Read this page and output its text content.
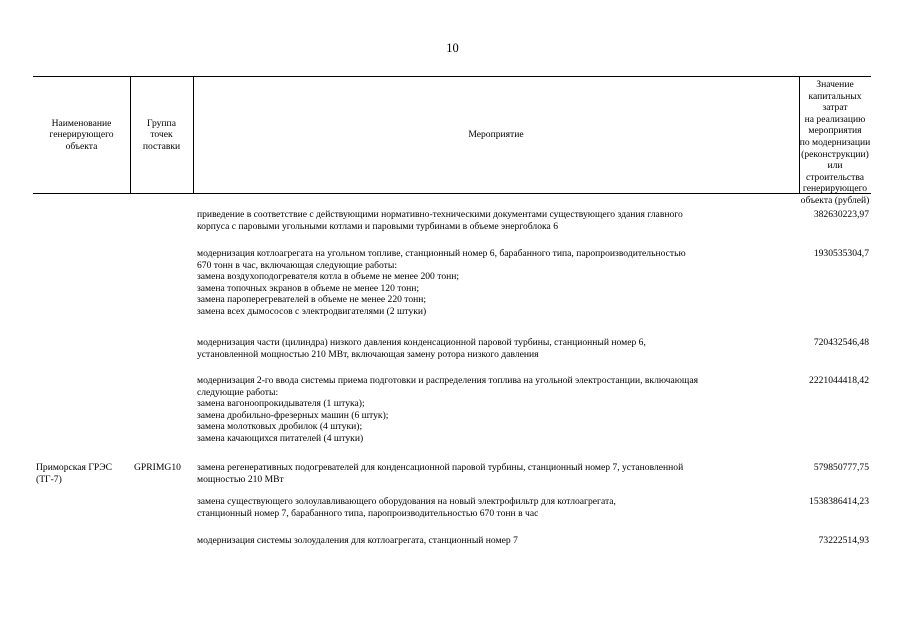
10
Наименование
генерирующего
объекта
Группа
точек
поставки
Мероприятие
Значение
капитальных затрат
на реализацию
мероприятия
по модернизации
(реконструкции)
или строительства
генерирующего
объекта (рублей)
приведение в соответствие с действующими нормативно-техническими документами существующего здания главного
корпуса с паровыми угольными котлами и паровыми турбинами в объеме энергоблока 6
382630223,97
модернизация котлоагрегата на угольном топливе, станционный номер 6, барабанного типа, паропроизводительностью
670 тонн в час, включающая следующие работы:
замена воздухоподогревателя котла в объеме не менее 200 тонн;
замена топочных экранов в объеме не менее 120 тонн;
замена пароперегревателей в объеме не менее 220 тонн;
замена всех дымососов с электродвигателями (2 штуки)
1930535304,7
модернизация части (цилиндра) низкого давления конденсационной паровой турбины, станционный номер 6,
установленной мощностью 210 МВт, включающая замену ротора низкого давления
720432546,48
модернизация 2-го ввода системы приема подготовки и распределения топлива на угольной электростанции, включающая
следующие работы:
замена вагоноопрокидывателя (1 штука);
замена дробильно-фрезерных машин (6 штук);
замена молотковых дробилок (4 штуки);
замена качающихся питателей (4 штуки)
2221044418,42
Приморская ГРЭС
(ТГ-7)
GPRIMG10	замена регенеративных подогревателей для конденсационной паровой турбины, станционный номер 7, установленной
мощностью 210 МВт
579850777,75
замена существующего золоулавливающего оборудования на новый электрофильтр для котлоагрегата,
станционный номер 7, барабанного типа, паропроизводительностью 670 тонн в час
1538386414,23
модернизация системы золоудаления для котлоагрегата, станционный номер 7	73222514,93
